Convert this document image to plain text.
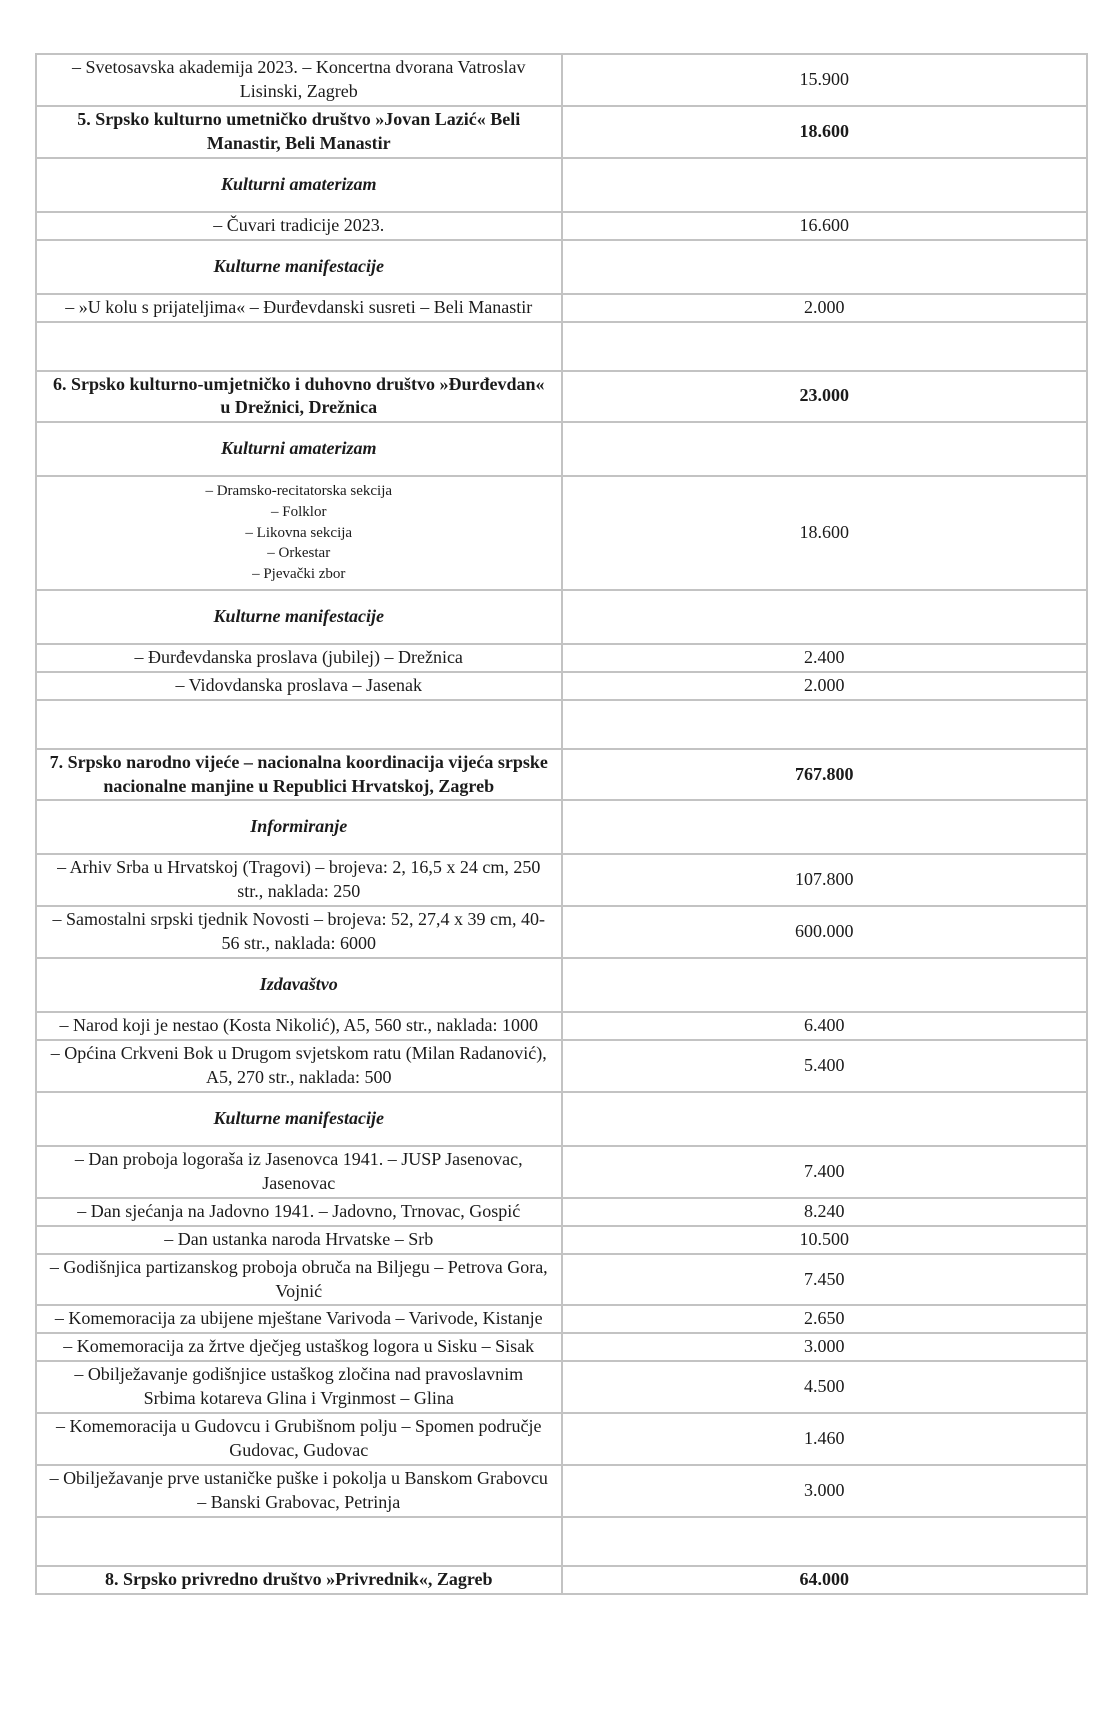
– Svetosavska akademija 2023. – Koncertna dvorana Vatroslav Lisinski, Zagreb	15.900
5. Srpsko kulturno umetničko društvo »Jovan Lazić« Beli Manastir, Beli Manastir	18.600
Kulturni amaterizam	
– Čuvari tradicije 2023.	16.600
Kulturne manifestacije	
– »U kolu s prijateljima« – Đurđevdanski susreti – Beli Manastir	2.000

6. Srpsko kulturno-umjetničko i duhovno društvo »Đurđevdan« u Drežnici, Drežnica	23.000
Kulturni amaterizam	

– Dramsko-recitatorska sekcija
– Folklor
– Likovna sekcija
– Orkestar
– Pjevački zbor	18.600
Kulturne manifestacije	
– Đurđevdanska proslava (jubilej) – Drežnica	2.400
– Vidovdanska proslava – Jasenak	2.000

7. Srpsko narodno vijeće – nacionalna koordinacija vijeća srpske nacionalne manjine u Republici Hrvatskoj, Zagreb	767.800
Informiranje	
– Arhiv Srba u Hrvatskoj (Tragovi) – brojeva: 2, 16,5 x 24 cm, 250 str., naklada: 250	107.800
– Samostalni srpski tjednik Novosti – brojeva: 52, 27,4 x 39 cm, 40-56 str., naklada: 6000	600.000
Izdavaštvo	
– Narod koji je nestao (Kosta Nikolić), A5, 560 str., naklada: 1000	6.400
– Općina Crkveni Bok u Drugom svjetskom ratu (Milan Radanović), A5, 270 str., naklada: 500	5.400
Kulturne manifestacije	
– Dan proboja logoraša iz Jasenovca 1941. – JUSP Jasenovac, Jasenovac	7.400
– Dan sjećanja na Jadovno 1941. – Jadovno, Trnovac, Gospić	8.240
– Dan ustanka naroda Hrvatske – Srb	10.500
– Godišnjica partizanskog proboja obruča na Biljegu – Petrova Gora, Vojnić	7.450
– Komemoracija za ubijene mještane Varivoda – Varivode, Kistanje	2.650
– Komemoracija za žrtve dječjeg ustaškog logora u Sisku – Sisak	3.000
– Obilježavanje godišnjice ustaškog zločina nad pravoslavnim Srbima kotareva Glina i Vrginmost – Glina	4.500
– Komemoracija u Gudovcu i Grubišnom polju – Spomen područje Gudovac, Gudovac	1.460
– Obilježavanje prve ustaničke puške i pokolja u Banskom Grabovcu – Banski Grabovac, Petrinja	3.000

8. Srpsko privredno društvo »Privrednik«, Zagreb	64.000
